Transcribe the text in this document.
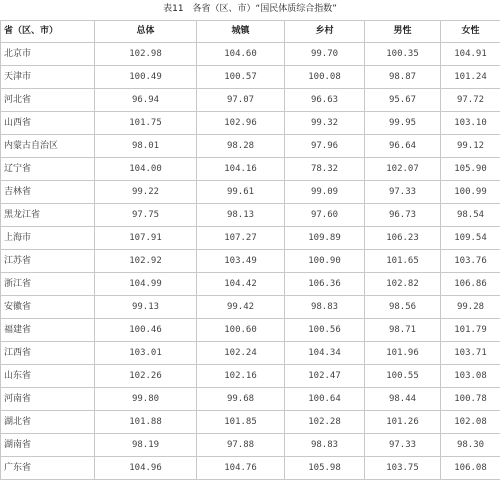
表11　各省（区、市）“国民体质综合指数”
省（区、市）	总体	城镇	乡村	男性	女性
北京市	102.98	104.60	99.70	100.35	104.91
天津市	100.49	100.57	100.08	98.87	101.24
河北省	96.94	97.07	96.63	95.67	97.72
山西省	101.75	102.96	99.32	99.95	103.10
内蒙古自治区	98.01	98.28	97.96	96.64	99.12
辽宁省	104.00	104.16	78.32	102.07	105.90
吉林省	99.22	99.61	99.09	97.33	100.99
黑龙江省	97.75	98.13	97.60	96.73	98.54
上海市	107.91	107.27	109.89	106.23	109.54
江苏省	102.92	103.49	100.90	101.65	103.76
浙江省	104.99	104.42	106.36	102.82	106.86
安徽省	99.13	99.42	98.83	98.56	99.28
福建省	100.46	100.60	100.56	98.71	101.79
江西省	103.01	102.24	104.34	101.96	103.71
山东省	102.26	102.16	102.47	100.55	103.08
河南省	99.80	99.68	100.64	98.44	100.78
湖北省	101.88	101.85	102.28	101.26	102.08
湖南省	98.19	97.88	98.83	97.33	98.30
广东省	104.96	104.76	105.98	103.75	106.08
